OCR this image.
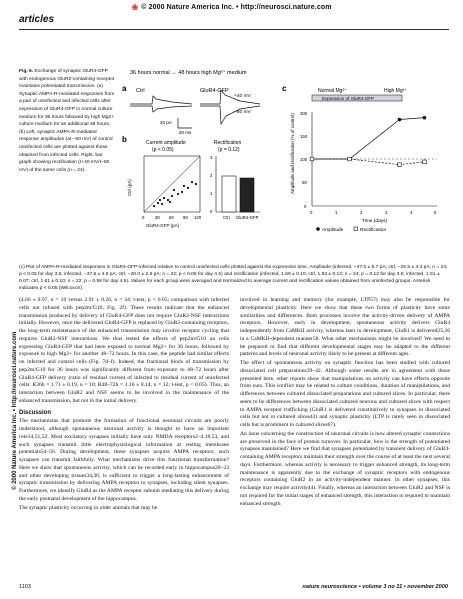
❀ © 2000 Nature America Inc. • http://neurosci.nature.com
articles
© 2000 Nature America Inc. • http://neurosci.nature.com
Fig. 6. Exchange of synaptic GluR4-GFP with endogenous GluR2-containing receptor maintains potentiated transmission. (a) Synaptic AMPA-R-mediated responses from a pair of uninfected and infected cells after expression of GluR4-GFP in normal culture medium for 36 hours followed by high Mg2+ culture medium for an additional 48 hours. (b) Left, synaptic AMPA-R-mediated response amplitudes (at −60 mV) of control uninfected cells are plotted against those obtained from infected cells. Right, bar graph showing rectification (I+40 mV/I−60 mV) of the same cells (n = 24).
36 hours normal → 48 hours high Mg²⁺ medium
a Ctrl	GluR4-GFP
+40 mV
−60 mV
20 pA
20 ms
b	Current amplitude
(p < 0.05)
Ctrl (pA)
GluR4-GFP (pA)
0 30 60 90 120
Rectification
(p = 0.12)
0
1
2
3
Ctrl GluR4-GFP
c	Normal Mg²⁺	High Mg²⁺
Expression of GluR4-GFP
Amplitude and rectification (% of control)
0
50
100
150
200
0	1	2	3	4	5
Time (days)
Amplitude	Rectification
(c) Plot of AMPA-R-mediated responses in GluR4-GFP-infected relative to control uninfected cells plotted against the expression time. Amplitude (infected, −47.0 ± 5.7 pA; ctrl, −25.5 ± 3.4 pA; n = 24; p < 0.05 for day 3.5; infected, −37.6 ± 4.6 pA; ctrl, −20.0 ± 2.9 pA; n = 22; p < 0.05 for day 4.5) and rectification (infected, 1.69 ± 0.10; ctrl, 1.92 ± 0.12; n = 24; p = 0.12 for day 3.5; infected, 1.51 ± 0.07; ctrl, 1.61 ± 0.10; n = 22; p = 0.58 for day 4.5). Values for each group were averaged and normalized to average current and rectification values obtained from uninfected groups. Asterisk indicates p < 0.05 (Wilcoxon).

(4.66 ± 0.97, n = 10 versus 2.91 ± 0.26, n = 34; t-test, p < 0.05; comparison with infected cells not infused with pep2m/G10, Fig. 2f). These results indicate that the enhanced transmission produced by delivery of GluR4-GFP does not require GluR2-NSF interactions initially. However, once the delivered GluR4-GFP is replaced by GluR2-containing receptors, the long-term maintenance of the enhanced transmission may involve receptor cycling that requires GluR2-NSF interactions. We thus tested the effects of pep2m/G10 on cells expressing GluR4-GFP that had been exposed to normal Mg2+ for 36 hours, followed by exposure to high Mg2+ for another 48–72 hours. In this case, the peptide had similar effects on infected and control cells (Fig. 7d–f). Indeed, the fractional block of transmission by pep2m/G10 for 36 hours was significantly different from exposure to 48–72 hours after GluR4-GFP delivery (ratio of residual current of infected to residual current of uninfected cells: R36h = 1.71 ± 0.19, n = 10; R48–72h = 1.16 ± 0.14, n = 12; t-test, p < 0.05). Thus, an interaction between GluR2 and NSF seems to be involved in the maintenance of the enhanced transmission, but not in the initial delivery.

Discussion

The mechanisms that promote the formation of functional neuronal circuits are poorly understood, although spontaneous neuronal activity is thought to have an important role34,51,52. Most excitatory synapses initially have only NMDA receptors2–4,18,53, and such synapses transmit little electrophysiological information at resting membrane potentials54–56. During development, these synapses acquire AMPA receptors; such synapses can transmit faithfully. What mechanisms drive this functional transformation? Here we show that spontaneous activity, which can be recorded early in hippocampus20–23 and other developing tissues34,36, is sufficient to trigger a long-lasting enhancement of synaptic transmission by delivering AMPA receptors to synapses, including silent synapses. Furthermore, we identify GluR4 as the AMPA receptor subunit mediating this delivery during the early postnatal development of the hippocampus.

The synaptic plasticity occurring in older animals that may be

involved in learning and memory (for example, LTP57) may also be responsible for developmental plasticity. Here we show that these two forms of plasticity have some similarities and differences. Both processes involve the activity-driven delivery of AMPA receptors. However, early in development, spontaneous activity delivers GluR4 independently from CaMKII activity, whereas later in development, GluR1 is delivered25,26 in a CaMKII-dependent manner58. What other mechanisms might be involved? We need to be prepared to find that different developmental stages may be adapted to the different patterns and levels of neuronal activity likely to be present at different ages.

The effect of spontaneous activity on synaptic function has been studied with cultured dissociated cell preparations39–42. Although some results are in agreement with those presented here, other reports show that manipulations on activity can have effects opposite from ours. This conflict may be related to culture conditions, duration of manipulations, and differences between cultured dissociated preparations and cultured slices. In particular, there seem to be differences between dissociated cultured neurons and cultured slices with respect to AMPA receptor trafficking (GluR1 is delivered constitutively to synapses in dissociated cells but not in cultured slices43) and synaptic plasticity (LTP is rarely seen in dissociated cells but is prominent in cultured slices67).

An issue concerning the construction of neuronal circuits is how altered synaptic connections are preserved in the face of protein turnover. In particular, how is the strength of potentiated synapses maintained? Here we find that synapses potentiated by transient delivery of GluR4-containing AMPA receptors maintain their strength over the course of at least the next several days. Furthermore, whereas activity is necessary to trigger enhanced strength, its long-term maintenance is apparently due to the exchange of synaptic receptors with endogenous receptors containing GluR2 in an activity-independent manner. In other synapses, this exchange may require activity44). Finally, whereas an interaction between GluR2 and NSF is not required for the initial stages of enhanced strength, this interaction is required to maintain enhanced strength

1103	nature neuroscience • volume 3 no 11 • november 2000
